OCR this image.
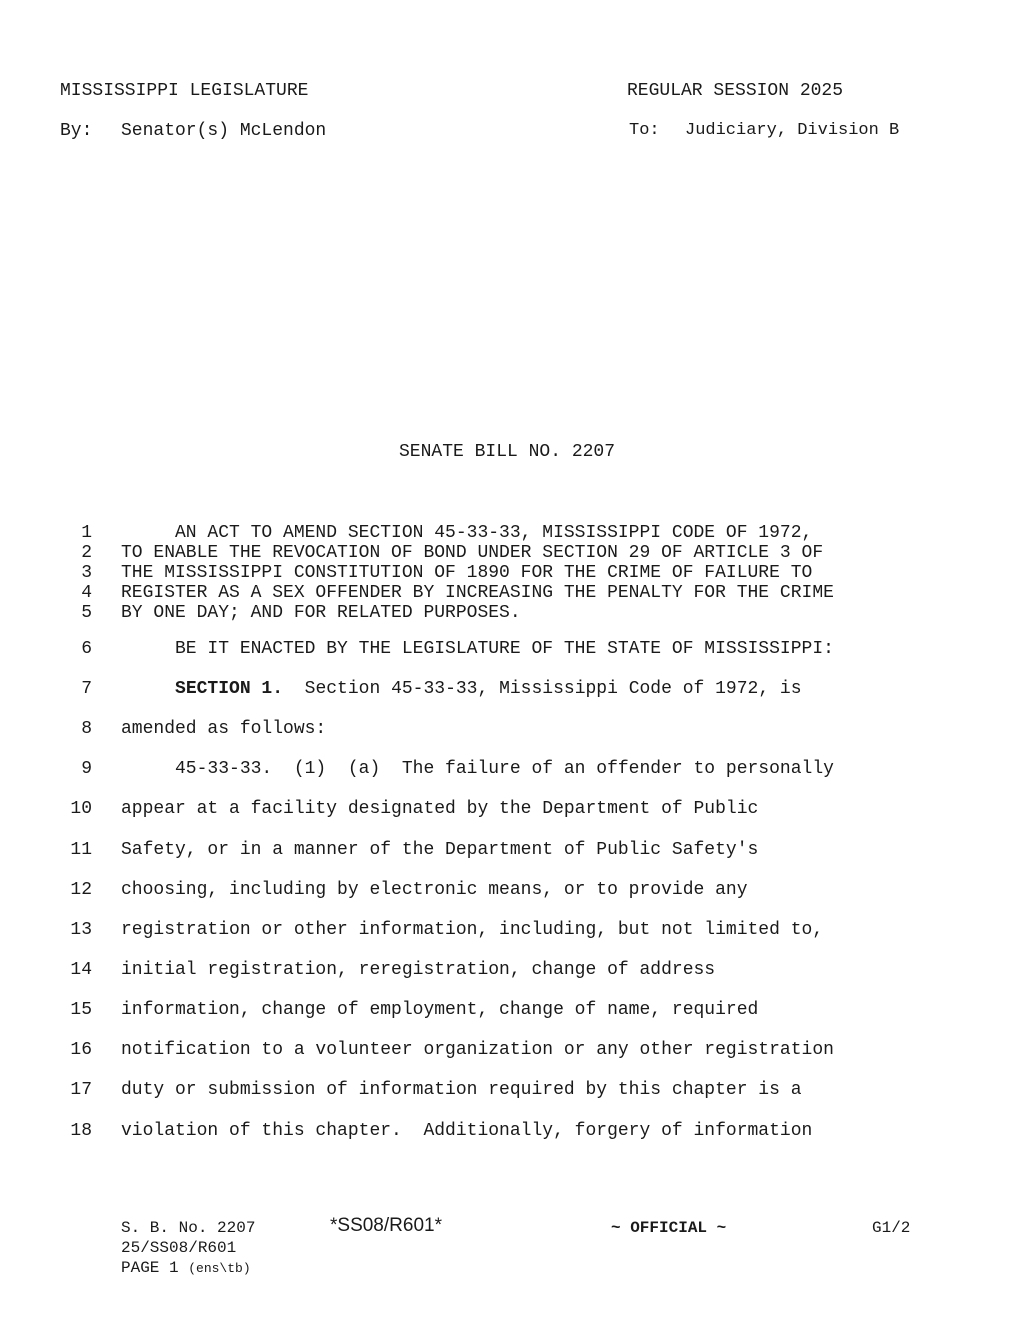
MISSISSIPPI LEGISLATURE	REGULAR SESSION 2025
By: Senator(s) McLendon	To: Judiciary, Division B
SENATE BILL NO. 2207
1 AN ACT TO AMEND SECTION 45-33-33, MISSISSIPPI CODE OF 1972,
2 TO ENABLE THE REVOCATION OF BOND UNDER SECTION 29 OF ARTICLE 3 OF
3 THE MISSISSIPPI CONSTITUTION OF 1890 FOR THE CRIME OF FAILURE TO
4 REGISTER AS A SEX OFFENDER BY INCREASING THE PENALTY FOR THE CRIME
5 BY ONE DAY; AND FOR RELATED PURPOSES.
6 BE IT ENACTED BY THE LEGISLATURE OF THE STATE OF MISSISSIPPI:
7	SECTION 1.  Section 45-33-33, Mississippi Code of 1972, is
8 amended as follows:
9 45-33-33.  (1)  (a)  The failure of an offender to personally
10 appear at a facility designated by the Department of Public
11 Safety, or in a manner of the Department of Public Safety's
12 choosing, including by electronic means, or to provide any
13 registration or other information, including, but not limited to,
14 initial registration, reregistration, change of address
15 information, change of employment, change of name, required
16 notification to a volunteer organization or any other registration
17 duty or submission of information required by this chapter is a
18 violation of this chapter.  Additionally, forgery of information
S. B. No. 2207	*SS08/R601*	~ OFFICIAL ~	G1/2
25/SS08/R601
PAGE 1 (ens\tb)
